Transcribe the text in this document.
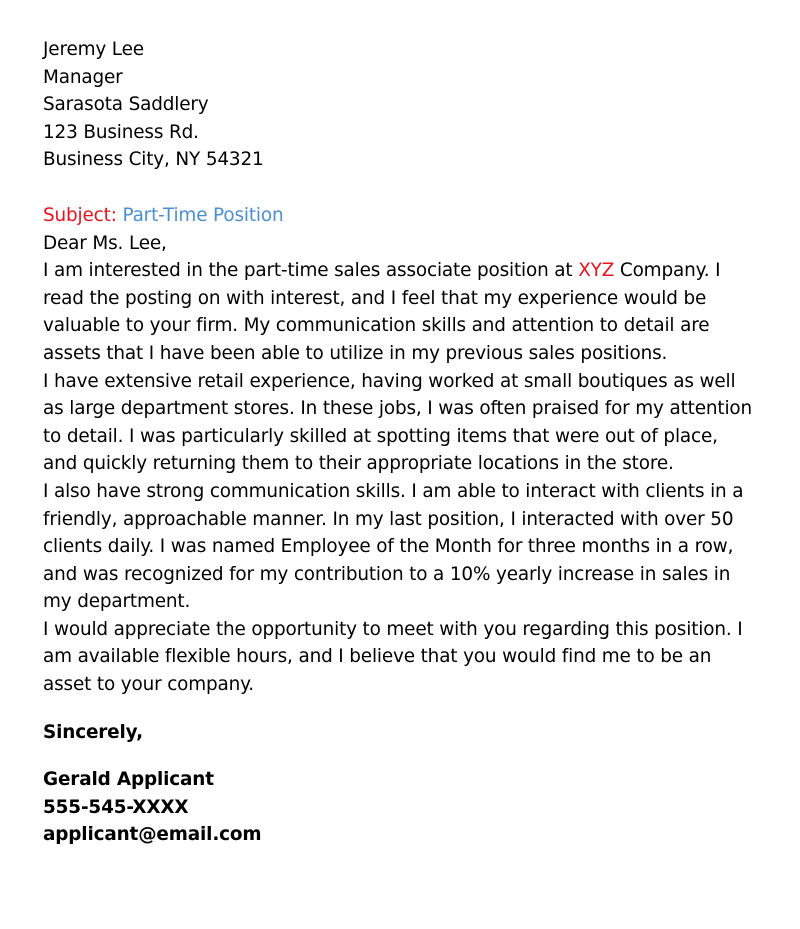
Jeremy Lee
Manager
Sarasota Saddlery
123 Business Rd.
Business City, NY 54321
Subject: Part-Time Position
Dear Ms. Lee,
I am interested in the part-time sales associate position at XYZ Company. I
read the posting on with interest, and I feel that my experience would be
valuable to your firm. My communication skills and attention to detail are
assets that I have been able to utilize in my previous sales positions.
I have extensive retail experience, having worked at small boutiques as well
as large department stores. In these jobs, I was often praised for my attention
to detail. I was particularly skilled at spotting items that were out of place,
and quickly returning them to their appropriate locations in the store.
I also have strong communication skills. I am able to interact with clients in a
friendly, approachable manner. In my last position, I interacted with over 50
clients daily. I was named Employee of the Month for three months in a row,
and was recognized for my contribution to a 10% yearly increase in sales in
my department.
I would appreciate the opportunity to meet with you regarding this position. I
am available flexible hours, and I believe that you would find me to be an
asset to your company.
Sincerely,
Gerald Applicant
555-545-XXXX
applicant@email.com
